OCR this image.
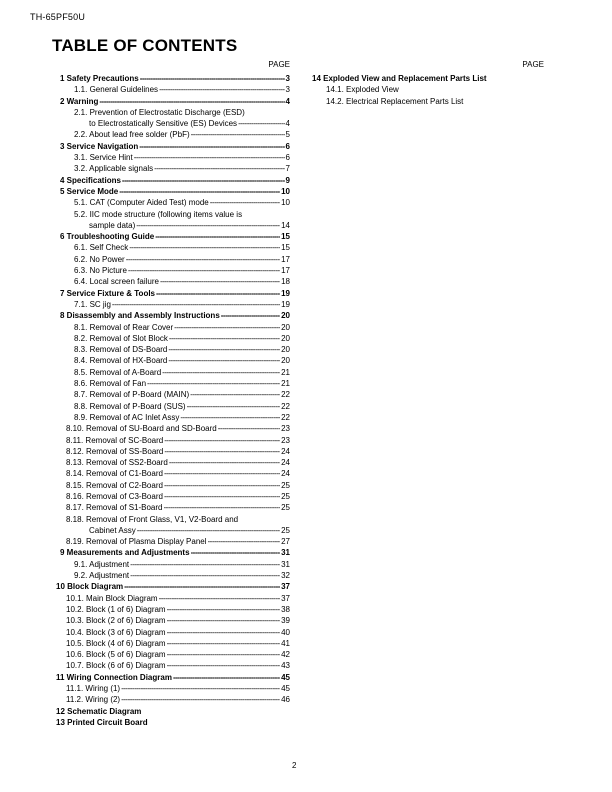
TH-65PF50U
TABLE OF CONTENTS
PAGE
1 Safety Precautions -----	3
1.1. General Guidelines -----	3
2 Warning -----	4
2.1. Prevention of Electrostatic Discharge (ESD)
to Electrostatically Sensitive (ES) Devices -----	4
2.2. About lead free solder (PbF) -----	5
3 Service Navigation -----	6
3.1. Service Hint -----	6
3.2. Applicable signals -----	7
4 Specifications -----	9
5 Service Mode -----	10
5.1. CAT (Computer Aided Test) mode -----	10
5.2. IIC mode structure (following items value is
sample data) -----	14
6 Troubleshooting Guide -----	15
6.1. Self Check -----	15
6.2. No Power -----	17
6.3. No Picture -----	17
6.4. Local screen failure -----	18
7 Service Fixture & Tools -----	19
7.1. SC jig -----	19
8 Disassembly and Assembly Instructions -----	20
8.1. Removal of Rear Cover -----	20
8.2. Removal of Slot Block -----	20
8.3. Removal of DS-Board -----	20
8.4. Removal of HX-Board -----	20
8.5. Removal of A-Board -----	21
8.6. Removal of Fan -----	21
8.7. Removal of P-Board (MAIN) -----	22
8.8. Removal of P-Board (SUS) -----	22
8.9. Removal of AC Inlet Assy -----	22
8.10. Removal of SU-Board and SD-Board -----	23
8.11. Removal of SC-Board -----	23
8.12. Removal of SS-Board -----	24
8.13. Removal of SS2-Board -----	24
8.14. Removal of C1-Board -----	24
8.15. Removal of C2-Board -----	25
8.16. Removal of C3-Board -----	25
8.17. Removal of S1-Board -----	25
8.18. Removal of Front Glass, V1, V2-Board and
Cabinet Assy -----	25
8.19. Removal of Plasma Display Panel -----	27
9 Measurements and Adjustments -----	31
9.1. Adjustment -----	31
9.2. Adjustment -----	32
10 Block Diagram -----	37
10.1. Main Block Diagram -----	37
10.2. Block (1 of 6) Diagram -----	38
10.3. Block (2 of 6) Diagram -----	39
10.4. Block (3 of 6) Diagram -----	40
10.5. Block (4 of 6) Diagram -----	41
10.6. Block (5 of 6) Diagram -----	42
10.7. Block (6 of 6) Diagram -----	43
11 Wiring Connection Diagram -----	45
11.1. Wiring (1) -----	45
11.2. Wiring (2) -----	46
12 Schematic Diagram
13 Printed Circuit Board
PAGE
14 Exploded View and Replacement Parts List
14.1. Exploded View
14.2. Electrical Replacement Parts List
2
